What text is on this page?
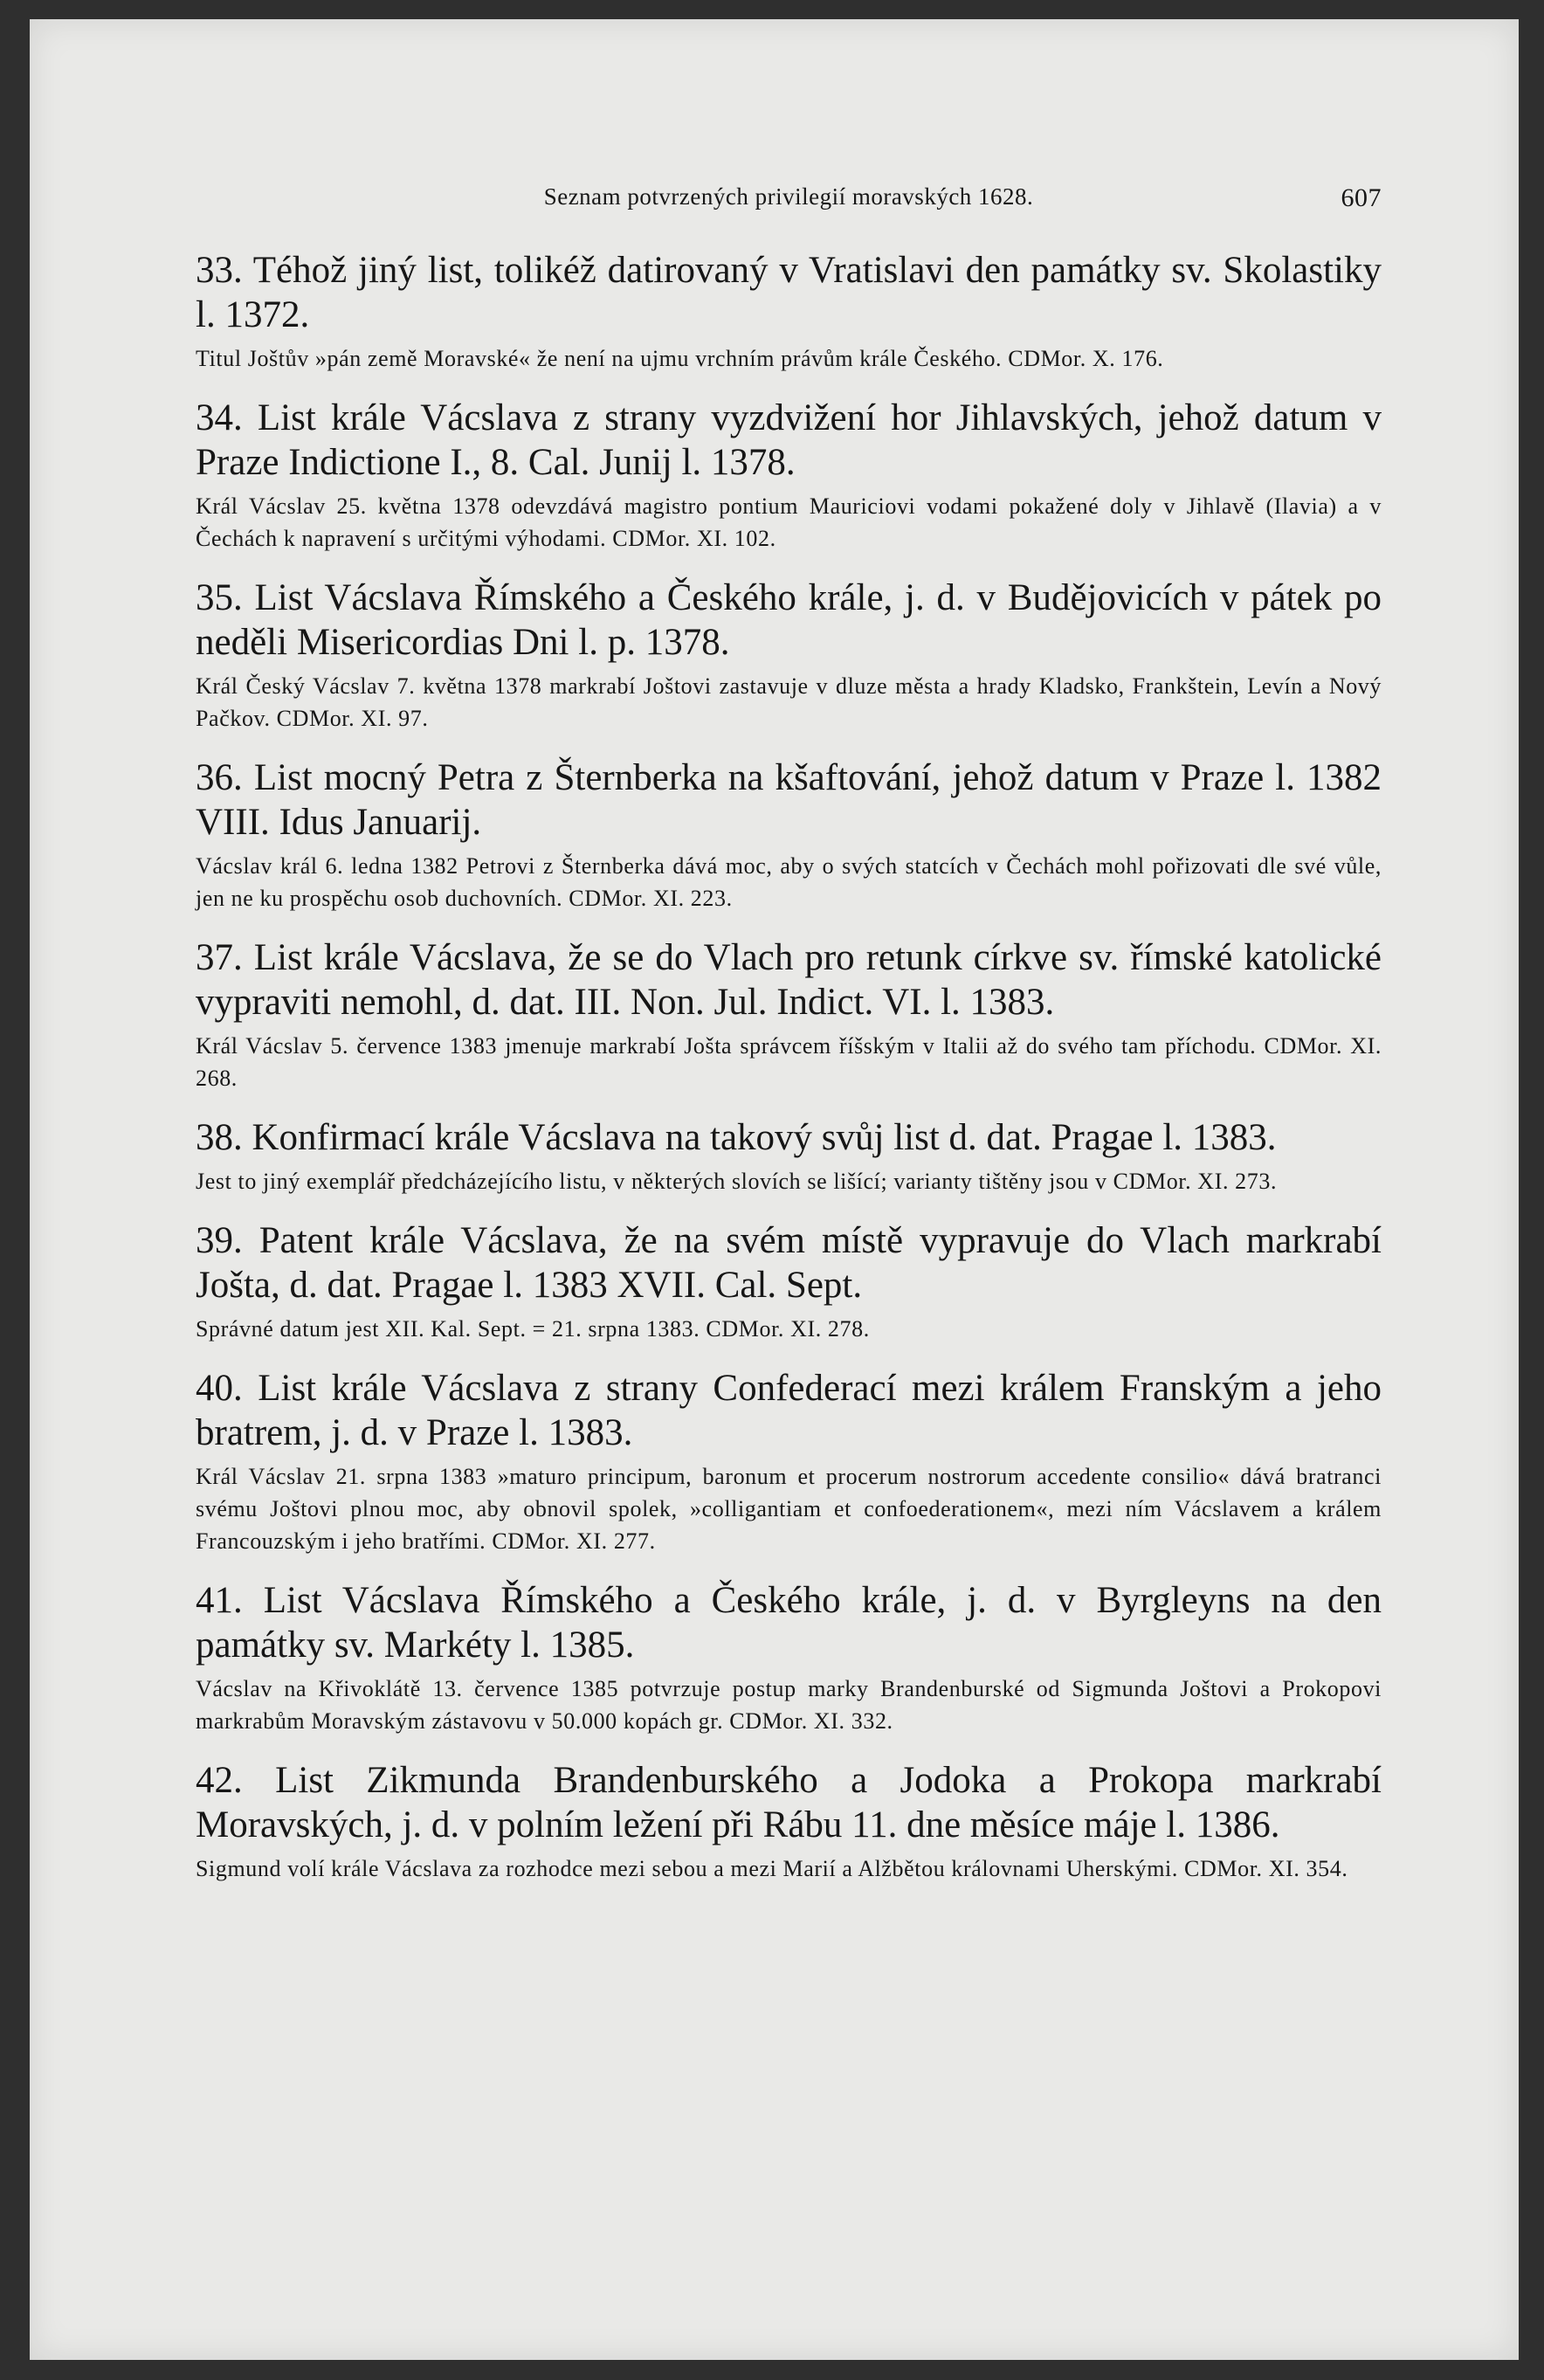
Seznam potvrzených privilegií moravských 1628.	607
33. Téhož jiný list, tolikéž datirovaný v Vratislavi den památky sv. Skolastiky l. 1372.
Titul Joštův »pán země Moravské« že není na ujmu vrchním právům krále Českého. CDMor. X. 176.
34. List krále Vácslava z strany vyzdvižení hor Jihlavských, jehož datum v Praze Indictione I., 8. Cal. Junij l. 1378.
Král Vácslav 25. května 1378 odevzdává magistro pontium Mauriciovi vodami pokažené doly v Jihlavě (Ilavia) a v Čechách k napravení s určitými výhodami. CDMor. XI. 102.
35. List Vácslava Římského a Českého krále, j. d. v Budějovicích v pátek po neděli Misericordias Dni l. p. 1378.
Král Český Vácslav 7. května 1378 markrabí Joštovi zastavuje v dluze města a hrady Kladsko, Frankštein, Levín a Nový Pačkov. CDMor. XI. 97.
36. List mocný Petra z Šternberka na kšaftování, jehož datum v Praze l. 1382 VIII. Idus Januarij.
Vácslav král 6. ledna 1382 Petrovi z Šternberka dává moc, aby o svých statcích v Čechách mohl pořizovati dle své vůle, jen ne ku prospěchu osob duchovních. CDMor. XI. 223.
37. List krále Vácslava, že se do Vlach pro retunk církve sv. římské katolické vypraviti nemohl, d. dat. III. Non. Jul. Indict. VI. l. 1383.
Král Vácslav 5. července 1383 jmenuje markrabí Jošta správcem říšským v Italii až do svého tam příchodu. CDMor. XI. 268.
38. Konfirmací krále Vácslava na takový svůj list d. dat. Pragae l. 1383.
Jest to jiný exemplář předcházejícího listu, v některých slovích se lišící; varianty tištěny jsou v CDMor. XI. 273.
39. Patent krále Vácslava, že na svém místě vypravuje do Vlach markrabí Jošta, d. dat. Pragae l. 1383 XVII. Cal. Sept.
Správné datum jest XII. Kal. Sept. = 21. srpna 1383. CDMor. XI. 278.
40. List krále Vácslava z strany Confederací mezi králem Franským a jeho bratrem, j. d. v Praze l. 1383.
Král Vácslav 21. srpna 1383 »maturo principum, baronum et procerum nostrorum accedente consilio« dává bratranci svému Joštovi plnou moc, aby obnovil spolek, »colligantiam et confoederationem«, mezi ním Vácslavem a králem Francouzským i jeho bratřími. CDMor. XI. 277.
41. List Vácslava Římského a Českého krále, j. d. v Byrgleyns na den památky sv. Markéty l. 1385.
Vácslav na Křivoklátě 13. července 1385 potvrzuje postup marky Brandenburské od Sigmunda Joštovi a Prokopovi markrabům Moravským zástavovu v 50.000 kopách gr. CDMor. XI. 332.
42. List Zikmunda Brandenburského a Jodoka a Prokopa markrabí Moravských, j. d. v polním ležení při Rábu 11. dne měsíce máje l. 1386.
Sigmund volí krále Vácslava za rozhodce mezi sebou a mezi Marií a Alžbětou královnami Uherskými. CDMor. XI. 354.
